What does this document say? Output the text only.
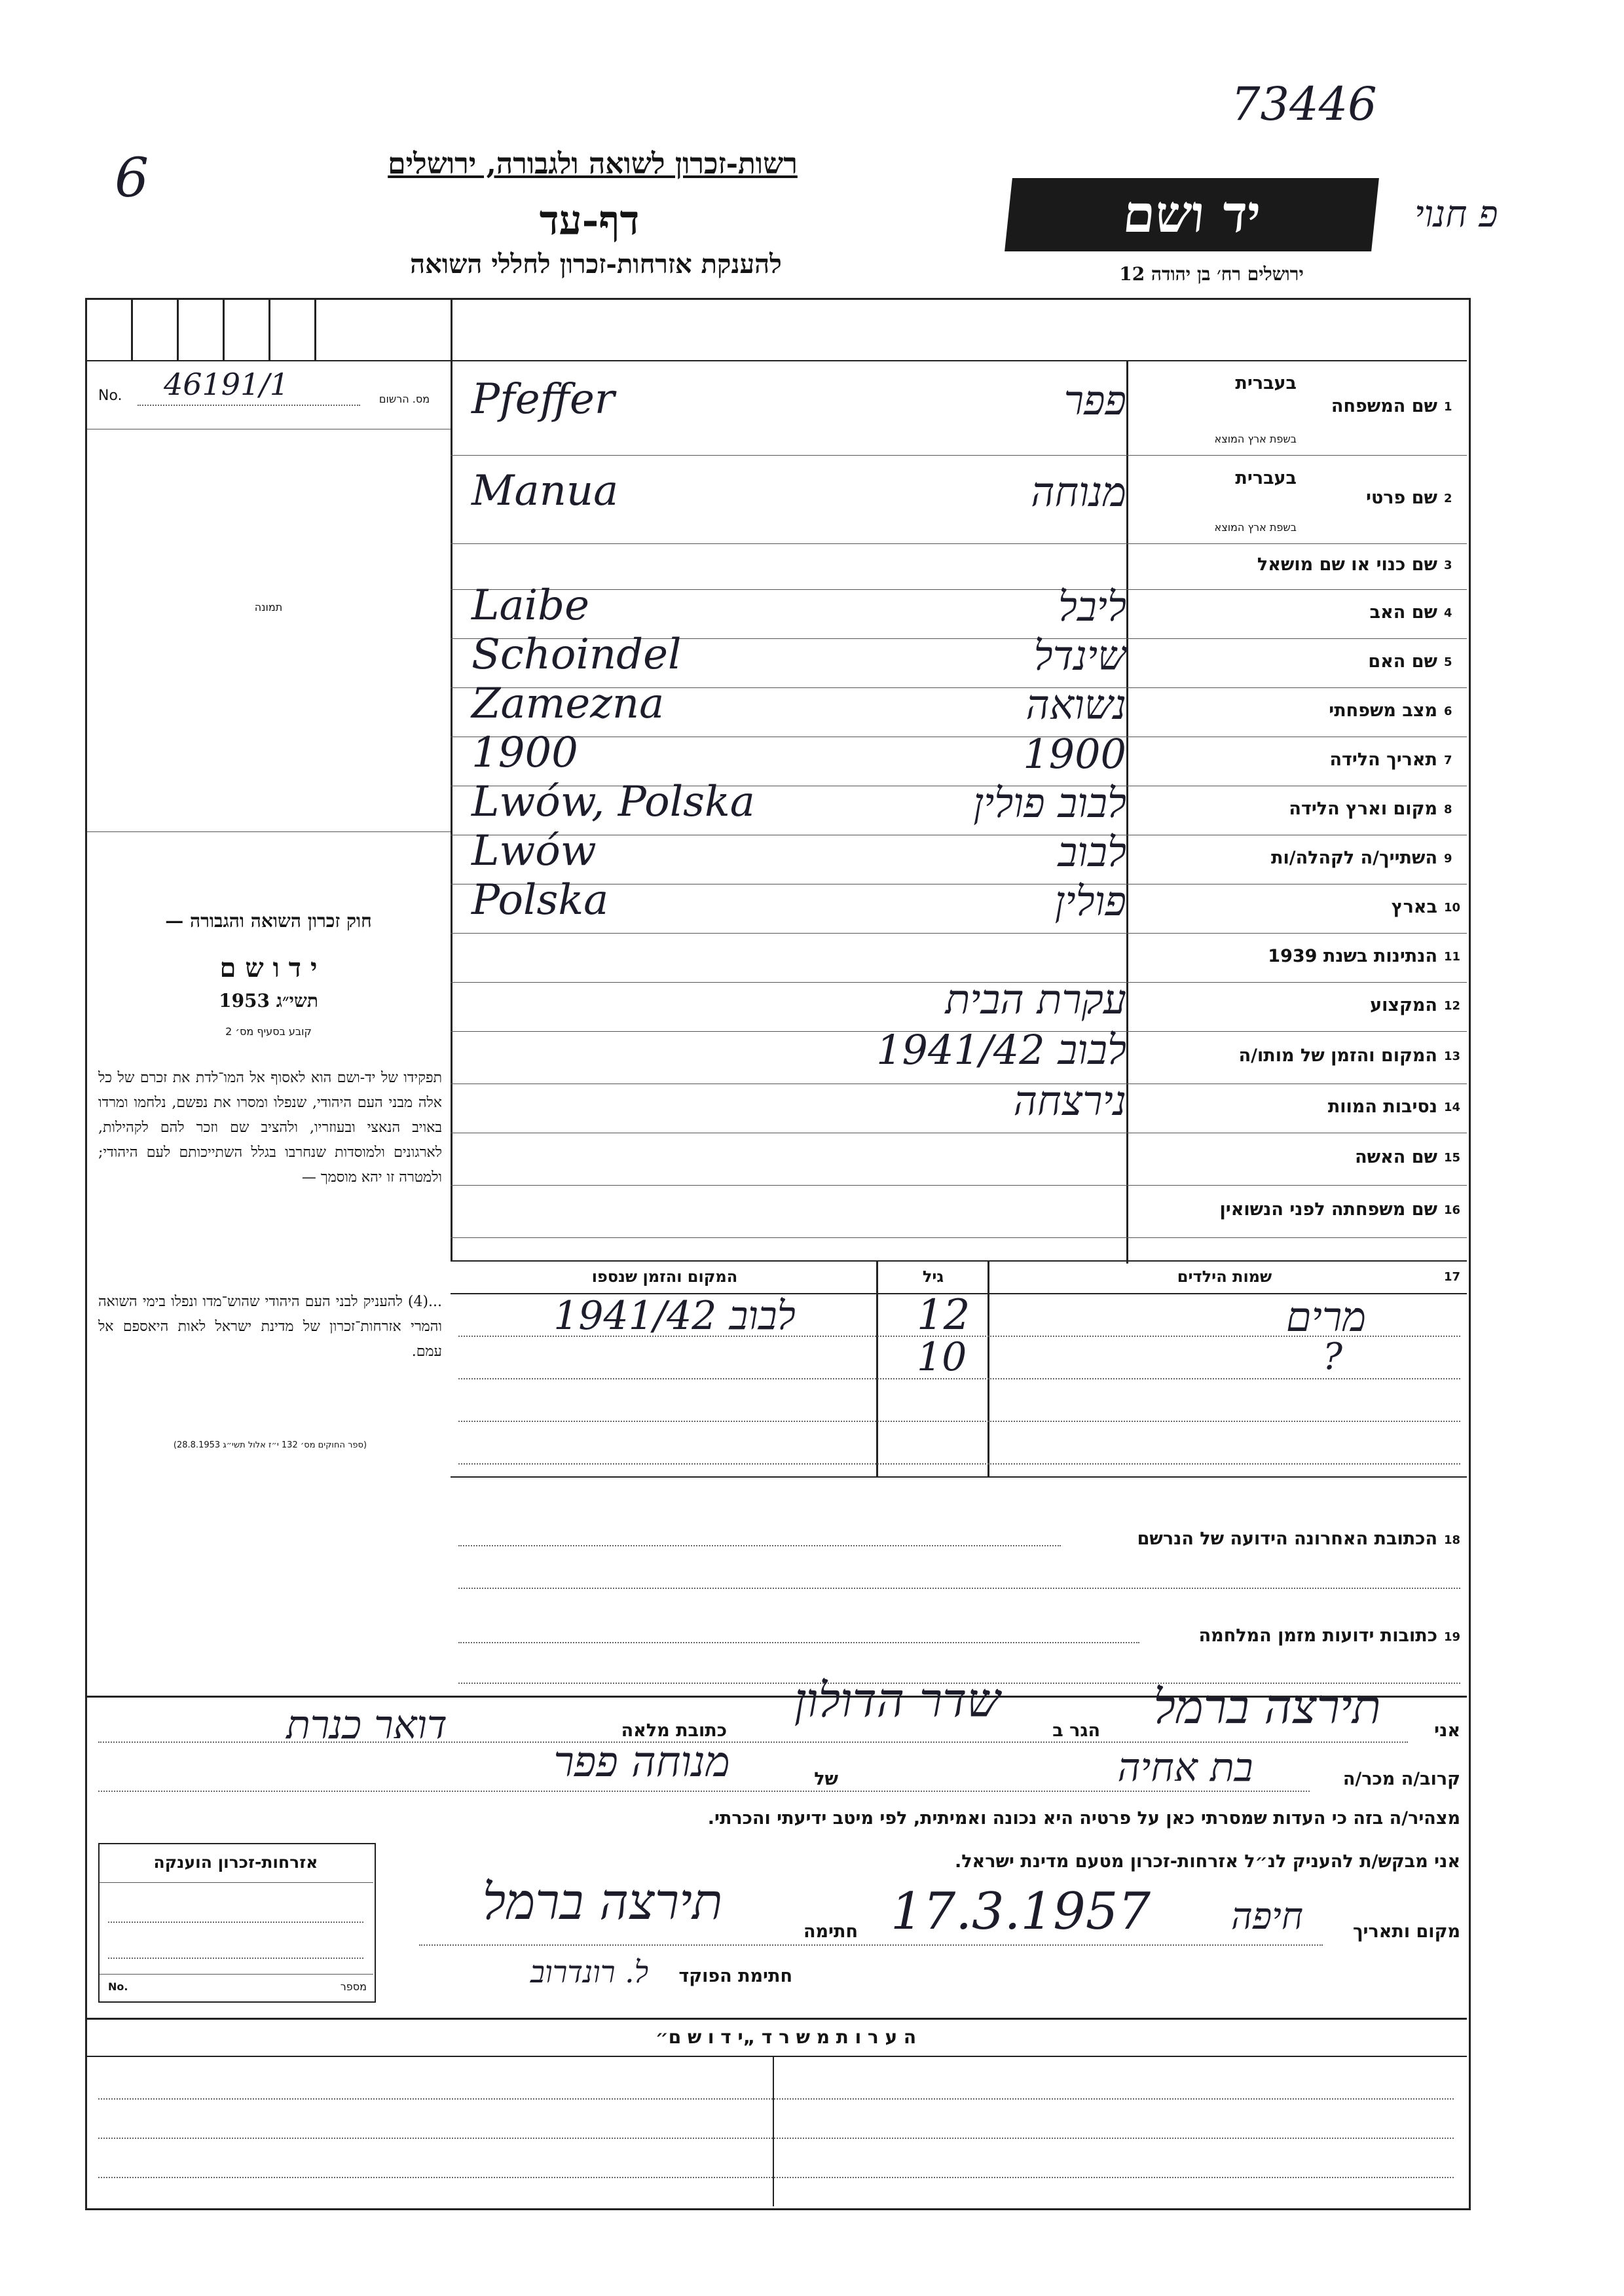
73446
6
פ חנוי
רשות-זכרון לשואה ולגבורה, ירושלים
דף-עד
להענקת אזרחות-זכרון לחללי השואה
יד ושם
ירושלים רח׳ בן יהודה 12
No. 46191/1	מס. הרשום
תמונה
חוק זכרון השואה והגבורה —
י ד ו ש ם
תשי״ג 1953
קובע בסעיף מס׳ 2
תפקידו של יד-ושם הוא לאסוף אל המו־לדת את זכרם של כל אלה מבני העם היהודי, שנפלו ומסרו את נפשם, נלחמו ומרדו באויב הנאצי ובעוזריו, ולהציב שם וזכר להם לקהילות, לארגונים ולמוסדות שנחרבו בגלל השתייכותם לעם היהודי; ולמטרה זו יהא מוסמך —
...(4) להעניק לבני העם היהודי שהוש־מדו ונפלו בימי השואה והמרי אזרחות־זכרון של מדינת ישראל לאות היאספם אל עמם.
(ספר החוקים מס׳ 132 י״ז אלול תשי״ג 28.8.1953)
1
בעברית
שם המשפחה
בשפת ארץ המוצא
פפר
Pfeffer
2
בעברית
שם פרטי
בשפת ארץ המוצא
מנוחה
Manua
3
שם כנוי או שם מושאל
4
שם האב
ליבל
Laibe
5
שם האם
שינדל
Schoindel
6
מצב משפחתי
נשואה
Zamezna
7
תאריך הלידה
1900
1900
8
מקום וארץ הלידה
לבוב פולין
Lwów, Polska
9
השתייך/ה לקהלה/ות
לבוב
Lwów
10
בארץ
פולין
Polska
11
הנתינות בשנת 1939
12
המקצוע
עקרת הבית
13
המקום והזמן של מותו/ה
לבוב 1941/42
14
נסיבות המוות
נירצחה
15
שם האשה
16
שם משפחתה לפני הנשואין
17
שמות הילדים
גיל
המקום והזמן שנספו
מרים
12
לבוב 1941/42
?
10
18
הכתובת האחרונה הידועה של הנרשם
19
כתובות ידועות מזמן המלחמה
אני
תירצה ברמל
הגר ב
שדר הדולון
כתובת מלאה
דואר כנרת
קרוב/ה מכר/ה
בת אחיה
של
מנוחה פפר
מצהיר/ה בזה כי העדות שמסרתי כאן על פרטיה היא נכונה ואמיתית, לפי מיטב ידיעתי והכרתי.
אני מבקש/ת להעניק לנ״ל אזרחות-זכרון מטעם מדינת ישראל.
מקום ותאריך
חיפה
17.3.1957
חתימה
תירצה ברמל
חתימת הפוקד
ל. רונדרוב
אזרחות-זכרון הוענקה
No.	מספר
ה ע ר ו ת מ ש ר ד „י ד ו ש ם״
